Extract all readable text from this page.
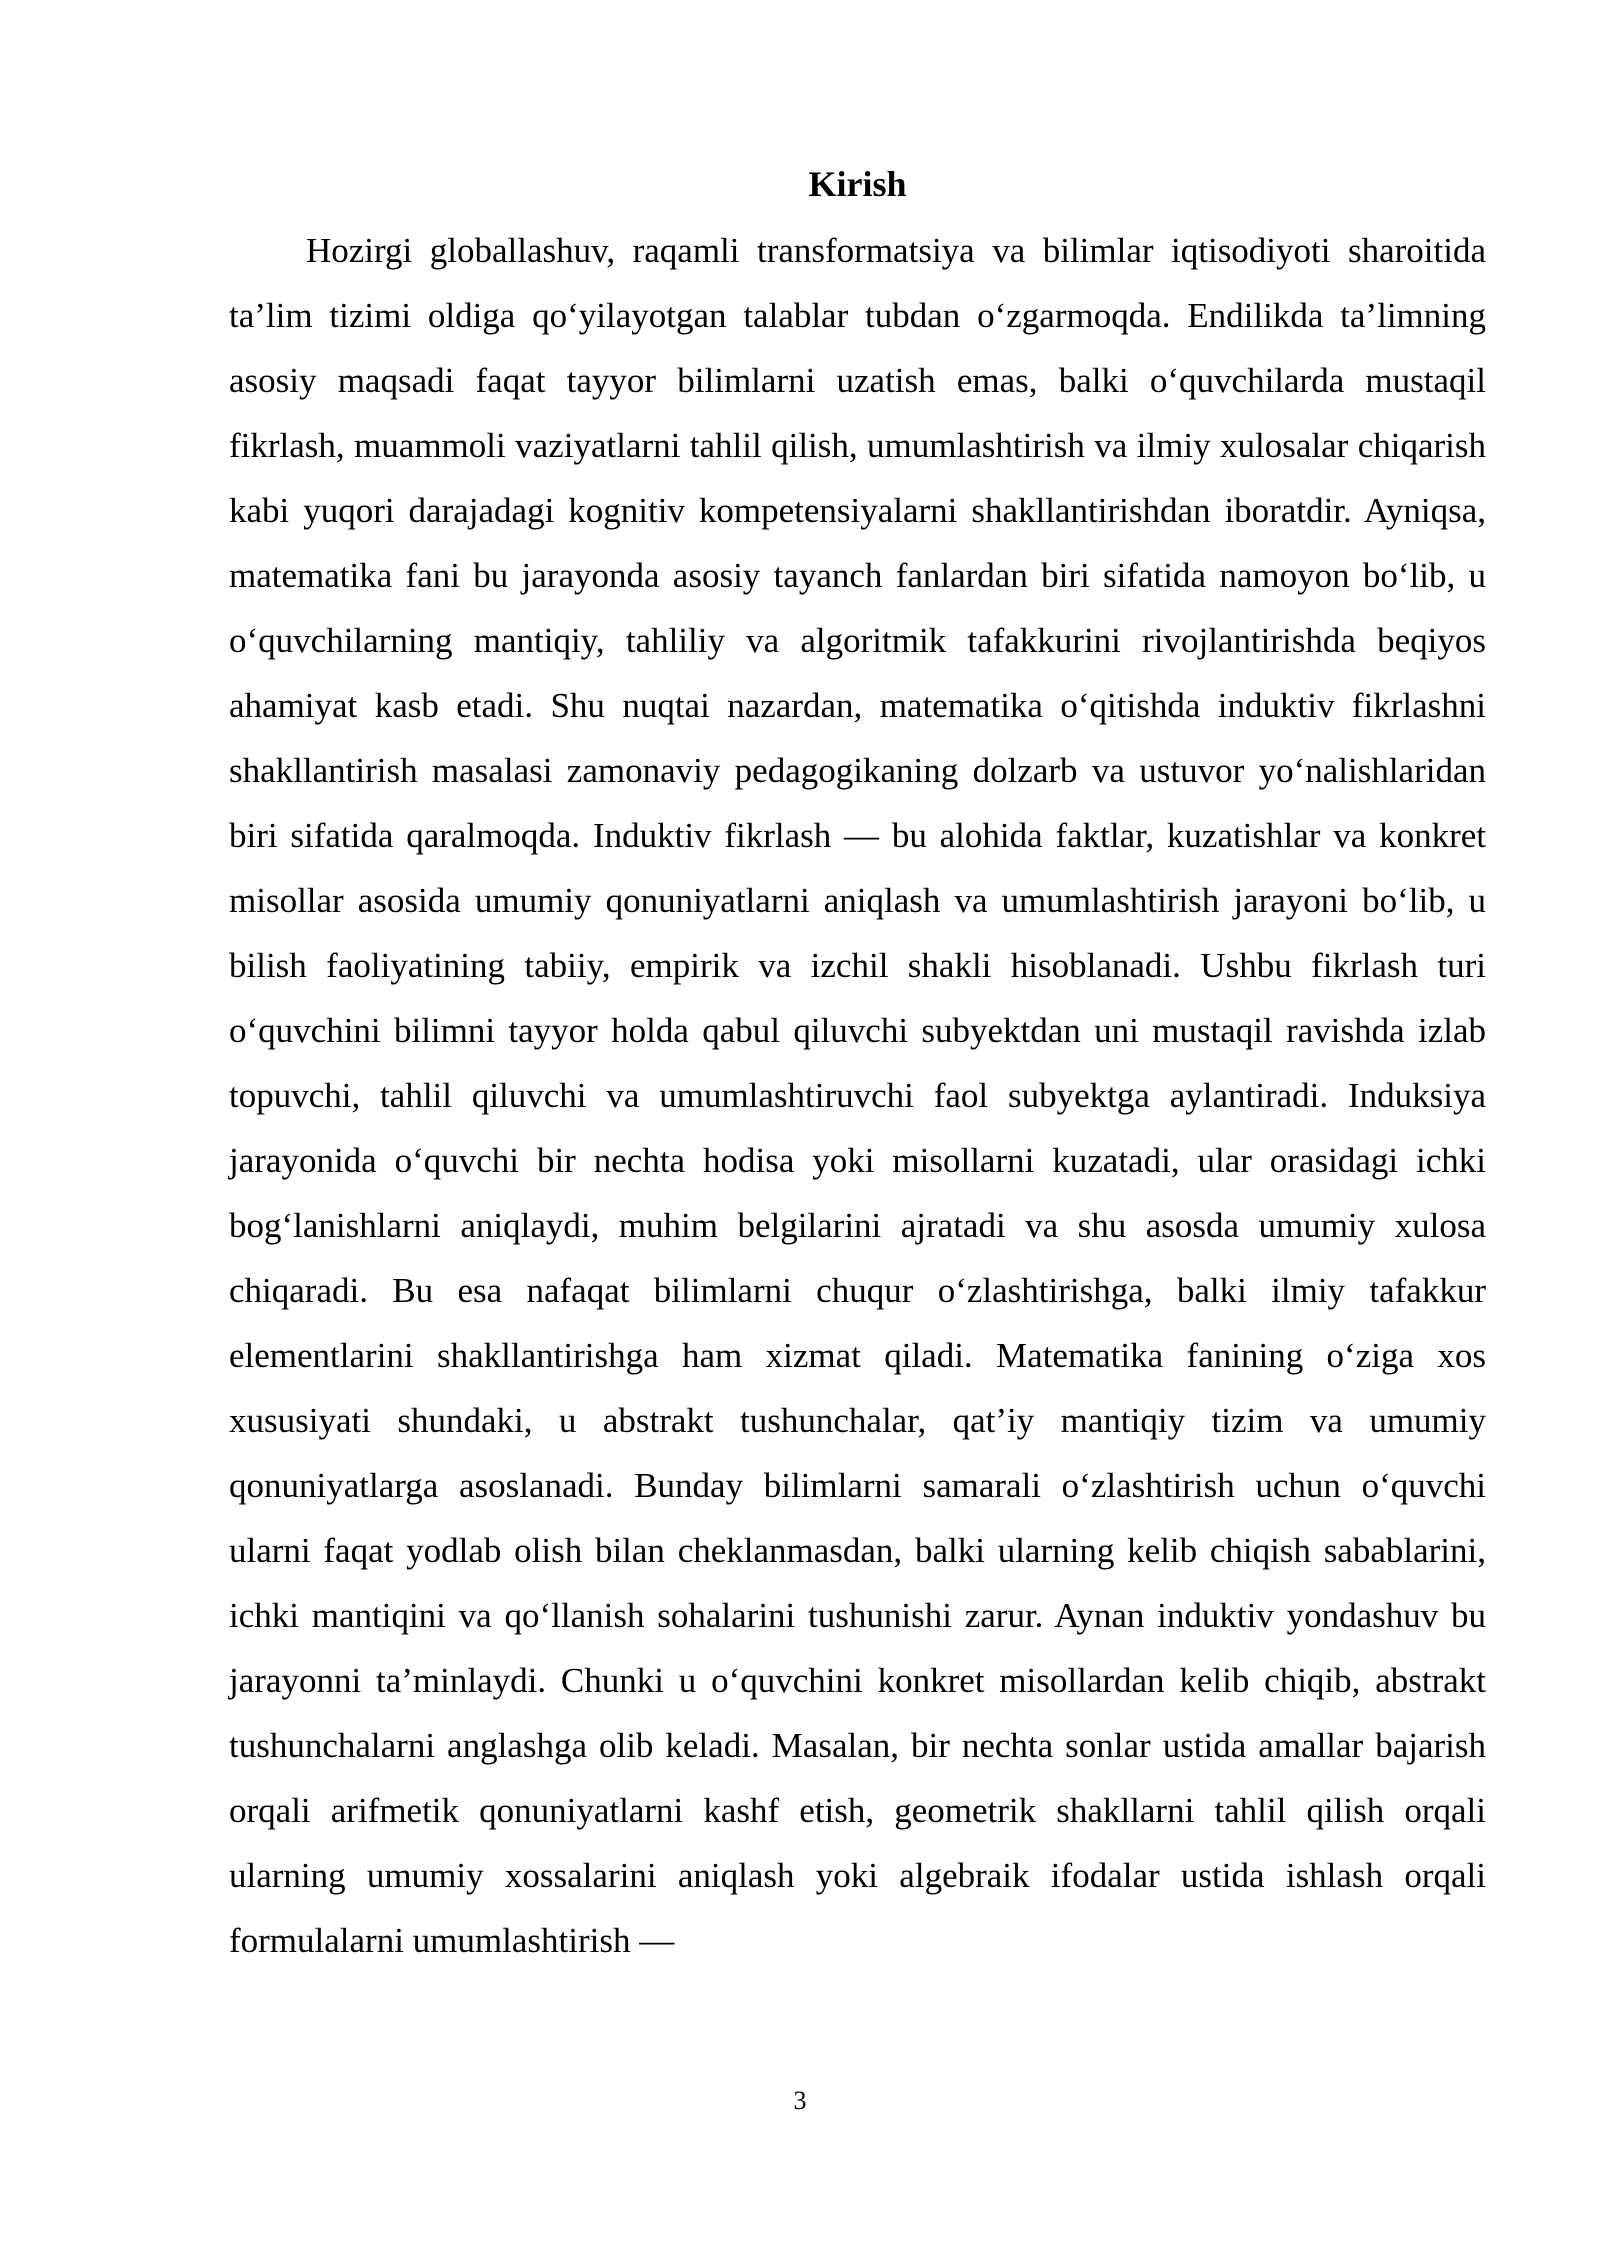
Kirish

Hozirgi globallashuv, raqamli transformatsiya va bilimlar iqtisodiyoti sharoitida ta’lim tizimi oldiga qo‘yilayotgan talablar tubdan o‘zgarmoqda. Endilikda ta’limning asosiy maqsadi faqat tayyor bilimlarni uzatish emas, balki o‘quvchilarda mustaqil fikrlash, muammoli vaziyatlarni tahlil qilish, umumlashtirish va ilmiy xulosalar chiqarish kabi yuqori darajadagi kognitiv kompetensiyalarni shakllantirishdan iboratdir. Ayniqsa, matematika fani bu jarayonda asosiy tayanch fanlardan biri sifatida namoyon bo‘lib, u o‘quvchilarning mantiqiy, tahliliy va algoritmik tafakkurini rivojlantirishda beqiyos ahamiyat kasb etadi. Shu nuqtai nazardan, matematika o‘qitishda induktiv fikrlashni shakllantirish masalasi zamonaviy pedagogikaning dolzarb va ustuvor yo‘nalishlaridan biri sifatida qaralmoqda. Induktiv fikrlash — bu alohida faktlar, kuzatishlar va konkret misollar asosida umumiy qonuniyatlarni aniqlash va umumlashtirish jarayoni bo‘lib, u bilish faoliyatining tabiiy, empirik va izchil shakli hisoblanadi. Ushbu fikrlash turi o‘quvchini bilimni tayyor holda qabul qiluvchi subyektdan uni mustaqil ravishda izlab topuvchi, tahlil qiluvchi va umumlashtiruvchi faol subyektga aylantiradi. Induksiya jarayonida o‘quvchi bir nechta hodisa yoki misollarni kuzatadi, ular orasidagi ichki bog‘lanishlarni aniqlaydi, muhim belgilarini ajratadi va shu asosda umumiy xulosa chiqaradi. Bu esa nafaqat bilimlarni chuqur o‘zlashtirishga, balki ilmiy tafakkur elementlarini shakllantirishga ham xizmat qiladi. Matematika fanining o‘ziga xos xususiyati shundaki, u abstrakt tushunchalar, qat’iy mantiqiy tizim va umumiy qonuniyatlarga asoslanadi. Bunday bilimlarni samarali o‘zlashtirish uchun o‘quvchi ularni faqat yodlab olish bilan cheklanmasdan, balki ularning kelib chiqish sabablarini, ichki mantiqini va qo‘llanish sohalarini tushunishi zarur. Aynan induktiv yondashuv bu jarayonni ta’minlaydi. Chunki u o‘quvchini konkret misollardan kelib chiqib, abstrakt tushunchalarni anglashga olib keladi. Masalan, bir nechta sonlar ustida amallar bajarish orqali arifmetik qonuniyatlarni kashf etish, geometrik shakllarni tahlil qilish orqali ularning umumiy xossalarini aniqlash yoki algebraik ifodalar ustida ishlash orqali formulalarni umumlashtirish —

3
